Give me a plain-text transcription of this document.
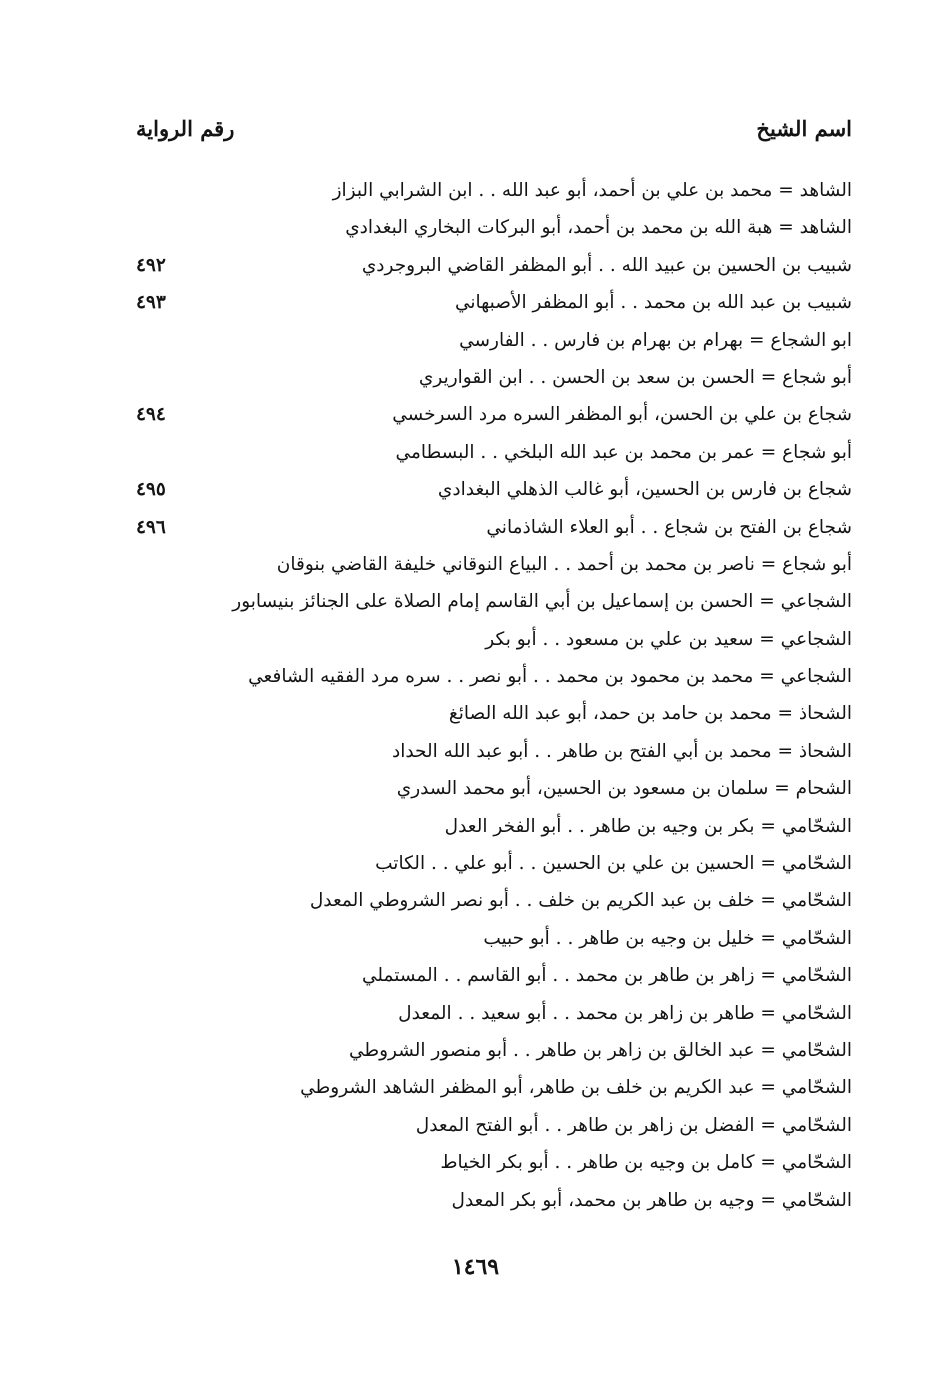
اسم الشيخ
رقم الرواية
الشاهد = محمد بن علي بن أحمد، أبو عبد الله . . ابن الشرابي البزاز
الشاهد = هبة الله بن محمد بن أحمد، أبو البركات البخاري البغدادي
شبيب بن الحسين بن عبيد الله . . أبو المظفر القاضي البروجردي
٤٩٢
شبيب بن عبد الله بن محمد . . أبو المظفر الأصبهاني
٤٩٣
ابو الشجاع = بهرام بن بهرام بن فارس . . الفارسي
أبو شجاع = الحسن بن سعد بن الحسن . . ابن القواريري
شجاع بن علي بن الحسن، أبو المظفر السره مرد السرخسي
٤٩٤
أبو شجاع = عمر بن محمد بن عبد الله البلخي . . البسطامي
شجاع بن فارس بن الحسين، أبو غالب الذهلي البغدادي
٤٩٥
شجاع بن الفتح بن شجاع . . أبو العلاء الشاذماني
٤٩٦
أبو شجاع = ناصر بن محمد بن أحمد . . البياع النوقاني خليفة القاضي بنوقان
الشجاعي = الحسن بن إسماعيل بن أبي القاسم إمام الصلاة على الجنائز بنيسابور
الشجاعي = سعيد بن علي بن مسعود . . أبو بكر
الشجاعي = محمد بن محمود بن محمد . . أبو نصر . . سره مرد الفقيه الشافعي
الشحاذ = محمد بن حامد بن حمد، أبو عبد الله الصائغ
الشحاذ = محمد بن أبي الفتح بن طاهر . . أبو عبد الله الحداد
الشحام = سلمان بن مسعود بن الحسين، أبو محمد السدري
الشحّامي = بكر بن وجيه بن طاهر . . أبو الفخر العدل
الشحّامي = الحسين بن علي بن الحسين . . أبو علي . . الكاتب
الشحّامي = خلف بن عبد الكريم بن خلف . . أبو نصر الشروطي المعدل
الشحّامي = خليل بن وجيه بن طاهر . . أبو حبيب
الشحّامي = زاهر بن طاهر بن محمد . . أبو القاسم . . المستملي
الشحّامي = طاهر بن زاهر بن محمد . . أبو سعيد . . المعدل
الشحّامي = عبد الخالق بن زاهر بن طاهر . . أبو منصور الشروطي
الشحّامي = عبد الكريم بن خلف بن طاهر، أبو المظفر الشاهد الشروطي
الشحّامي = الفضل بن زاهر بن طاهر . . أبو الفتح المعدل
الشحّامي = كامل بن وجيه بن طاهر . . أبو بكر الخياط
الشحّامي = وجيه بن طاهر بن محمد، أبو بكر المعدل
١٤٦٩
